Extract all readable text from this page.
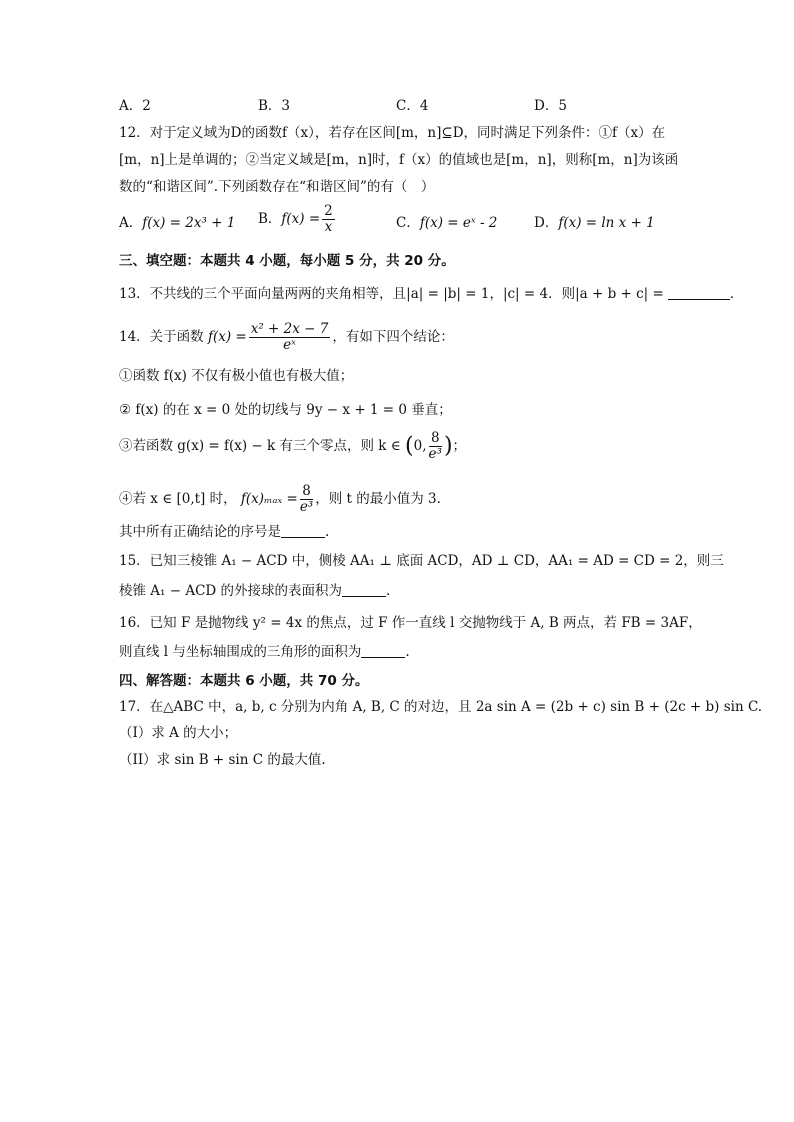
A．2	B．3	C．4	D．5
12．对于定义域为D的函数f（x），若存在区间[m，n]⊆D，同时满足下列条件：①f（x）在
[m，n]上是单调的；②当定义域是[m，n]时，f（x）的值域也是[m，n]，则称[m，n]为该函
数的“和谐区间”.下列函数存在“和谐区间”的有（　）
A．f(x) = 2x³ + 1 B．$f(x) = \frac{2}{x}$	C．f(x) = eˣ - 2	D．f(x) = ln x + 1
三、填空题：本题共 4 小题，每小题 5 分，共 20 分。
13．不共线的三个平面向量两两的夹角相等，且|a| = |b| = 1，|c| = 4．则|a + b + c| =	．
14．关于函数 $f(x) = \frac{\text{x² + 2x − 7}}{\text{eˣ}}$ ，有如下四个结论：
①函数 f(x) 不仅有极小值也有极大值；
② f(x) 的在 x = 0 处的切线与 9y − x + 1 = 0 垂直；
③若函数 g(x) = f(x) − k 有三个零点，则 k ∈ (0, $\frac{8}{\text{e³}}$ )；
④若 x ∈ [0,t] 时， $f(x)_{max} = \frac{8}{\text{e³}}$ ，则 t 的最小值为 3.
其中所有正确结论的序号是	.
15．已知三棱锥 A₁ − ACD 中，侧棱 AA₁ ⊥ 底面 ACD，AD ⊥ CD，AA₁ = AD = CD = 2，则三
棱锥 A₁ − ACD 的外接球的表面积为	.
16．已知 F 是抛物线 y² = 4x 的焦点，过 F 作一直线 l 交抛物线于 A, B 两点，若 FB = 3AF，
则直线 l 与坐标轴围成的三角形的面积为	.
四、解答题：本题共 6 小题，共 70 分。
17．在△ABC 中，a, b, c 分别为内角 A, B, C 的对边，且 2a sin A = (2b + c) sin B + (2c + b) sin C.
（I）求 A 的大小；
（II）求 sin B + sin C 的最大值.
